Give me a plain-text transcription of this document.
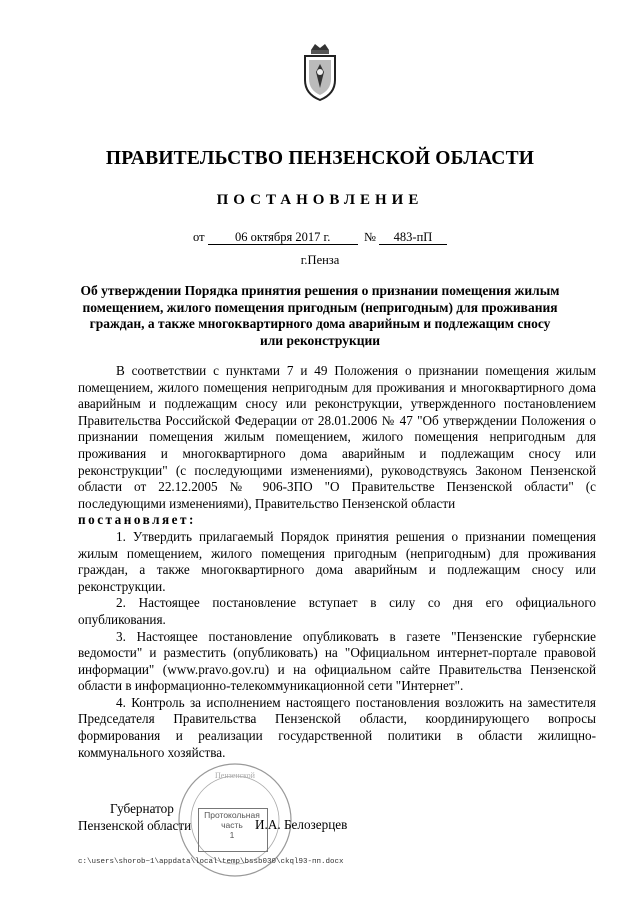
ПРАВИТЕЛЬСТВО ПЕНЗЕНСКОЙ ОБЛАСТИ
ПОСТАНОВЛЕНИЕ
от 06 октября 2017 г.	№ 483-пП
г.Пенза
Об утверждении Порядка принятия решения о признании помещения жилым помещением, жилого помещения пригодным (непригодным) для проживания граждан, а также многоквартирного дома аварийным и подлежащим сносу или реконструкции

В соответствии с пунктами 7 и 49 Положения о признании помещения жилым помещением, жилого помещения непригодным для проживания и многоквартирного дома аварийным и подлежащим сносу или реконструкции, утвержденного постановлением Правительства Российской Федерации от 28.01.2006 № 47 "Об утверждении Положения о признании помещения жилым помещением, жилого помещения непригодным для проживания и многоквартирного дома аварийным и подлежащим сносу или реконструкции" (с последующими изменениями), руководствуясь Законом Пензенской области от 22.12.2005 № 906-ЗПО "О Правительстве Пензенской области" (с последующими изменениями), Правительство Пензенской области

постановляет:

1. Утвердить прилагаемый Порядок принятия решения о признании помещения жилым помещением, жилого помещения пригодным (непригодным) для проживания граждан, а также многоквартирного дома аварийным и подлежащим сносу или реконструкции.

2. Настоящее постановление вступает в силу со дня его официального опубликования.

3. Настоящее постановление опубликовать в газете "Пензенские губернские ведомости" и разместить (опубликовать) на "Официальном интернет-портале правовой информации" (www.pravo.gov.ru) и на официальном сайте Правительства Пензенской области в информационно-телекоммуникационной сети "Интернет".

4. Контроль за исполнением настоящего постановления возложить на заместителя Председателя Правительства Пензенской области, координирующего вопросы формирования и реализации государственной политики в области жилищно-коммунального хозяйства.

Пензенской
Протокольная
часть
1
Губернатор
Пензенской области	И.А. Белозерцев
c:\users\shorob~1\appdata\local\temp\bssb030\ckql93-пп.docx
